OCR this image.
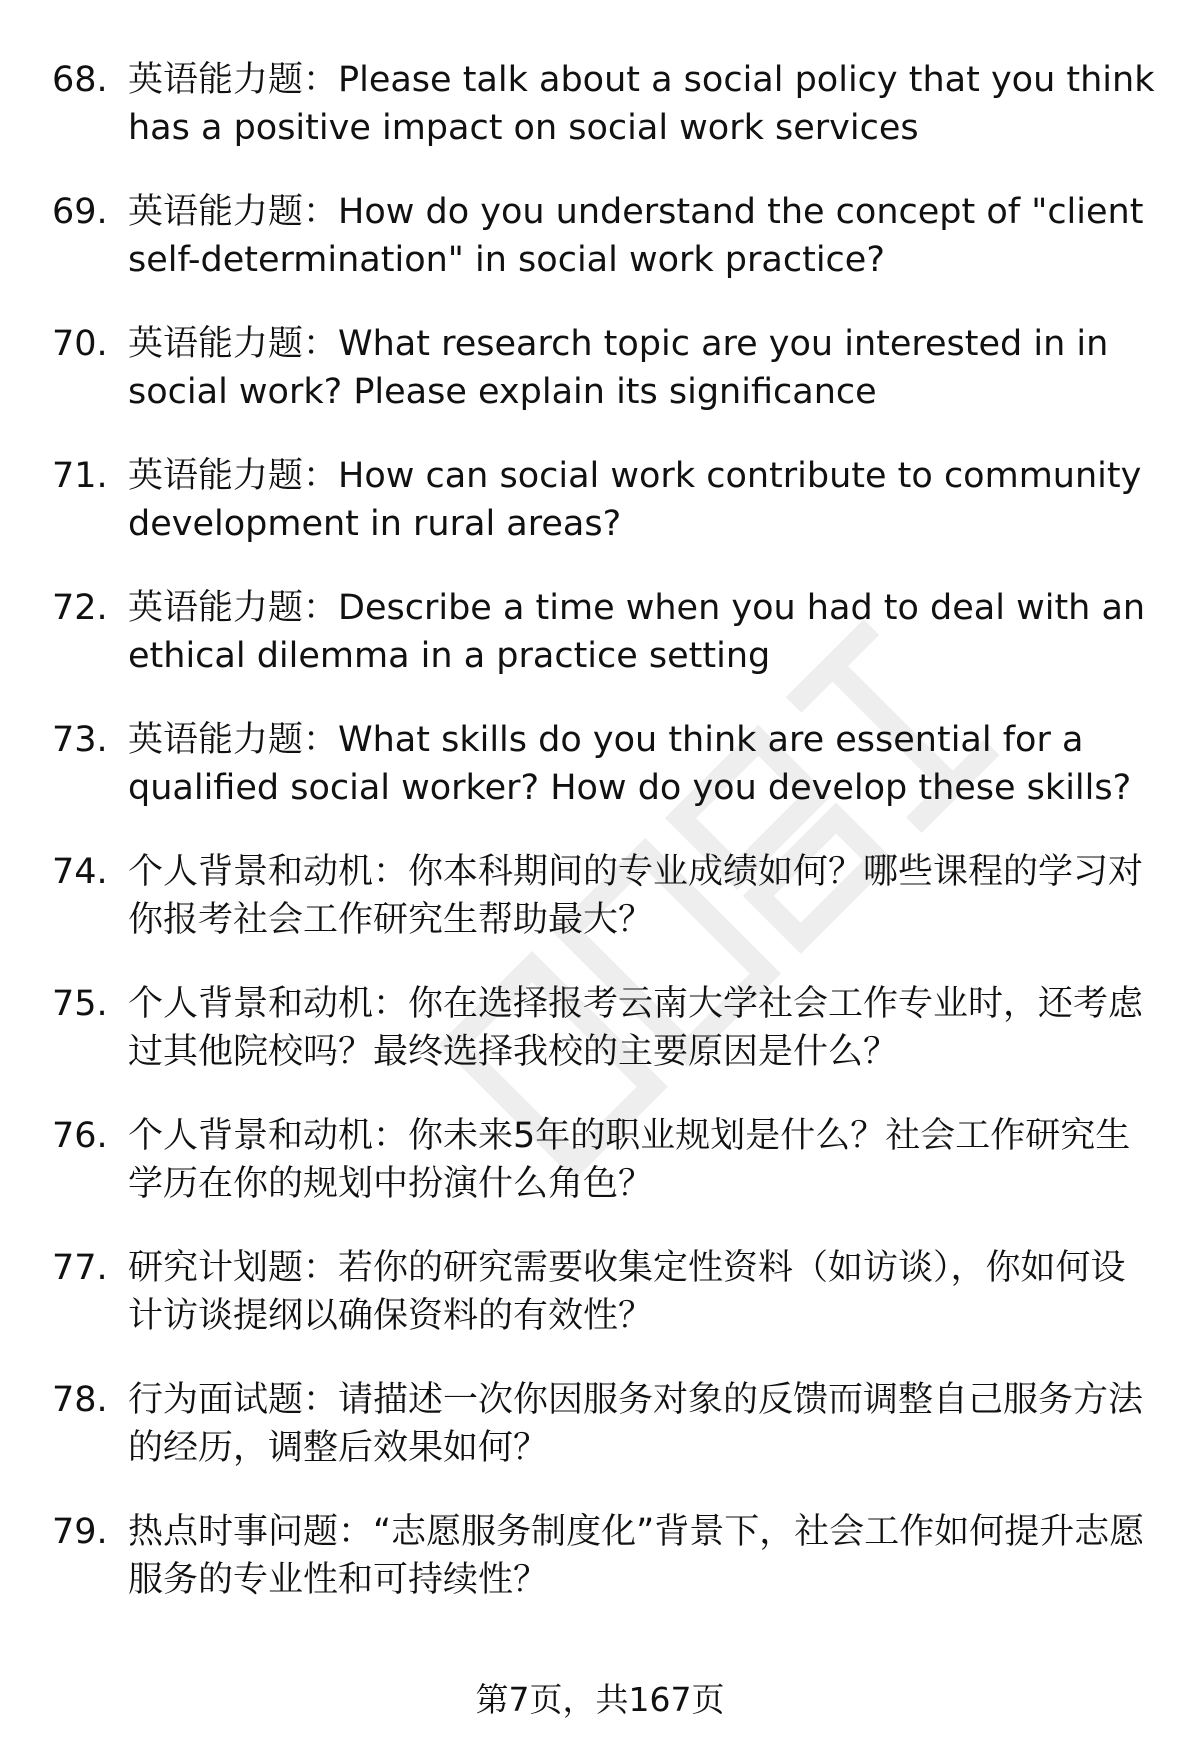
68. 英语能力题：Please talk about a social policy that you think has a positive impact on social work services
69. 英语能力题：How do you understand the concept of "client self-determination" in social work practice?
70. 英语能力题：What research topic are you interested in in social work? Please explain its significance
71. 英语能力题：How can social work contribute to community development in rural areas?
72. 英语能力题：Describe a time when you had to deal with an ethical dilemma in a practice setting
73. 英语能力题：What skills do you think are essential for a qualified social worker? How do you develop these skills?
74. 个人背景和动机：你本科期间的专业成绩如何？哪些课程的学习对你报考社会工作研究生帮助最大？
75. 个人背景和动机：你在选择报考云南大学社会工作专业时，还考虑过其他院校吗？最终选择我校的主要原因是什么？
76. 个人背景和动机：你未来5年的职业规划是什么？社会工作研究生学历在你的规划中扮演什么角色？
77. 研究计划题：若你的研究需要收集定性资料（如访谈），你如何设计访谈提纲以确保资料的有效性？
78. 行为面试题：请描述一次你因服务对象的反馈而调整自己服务方法的经历，调整后效果如何？
79. 热点时事问题：“志愿服务制度化”背景下，社会工作如何提升志愿服务的专业性和可持续性？
第7页，共167页
